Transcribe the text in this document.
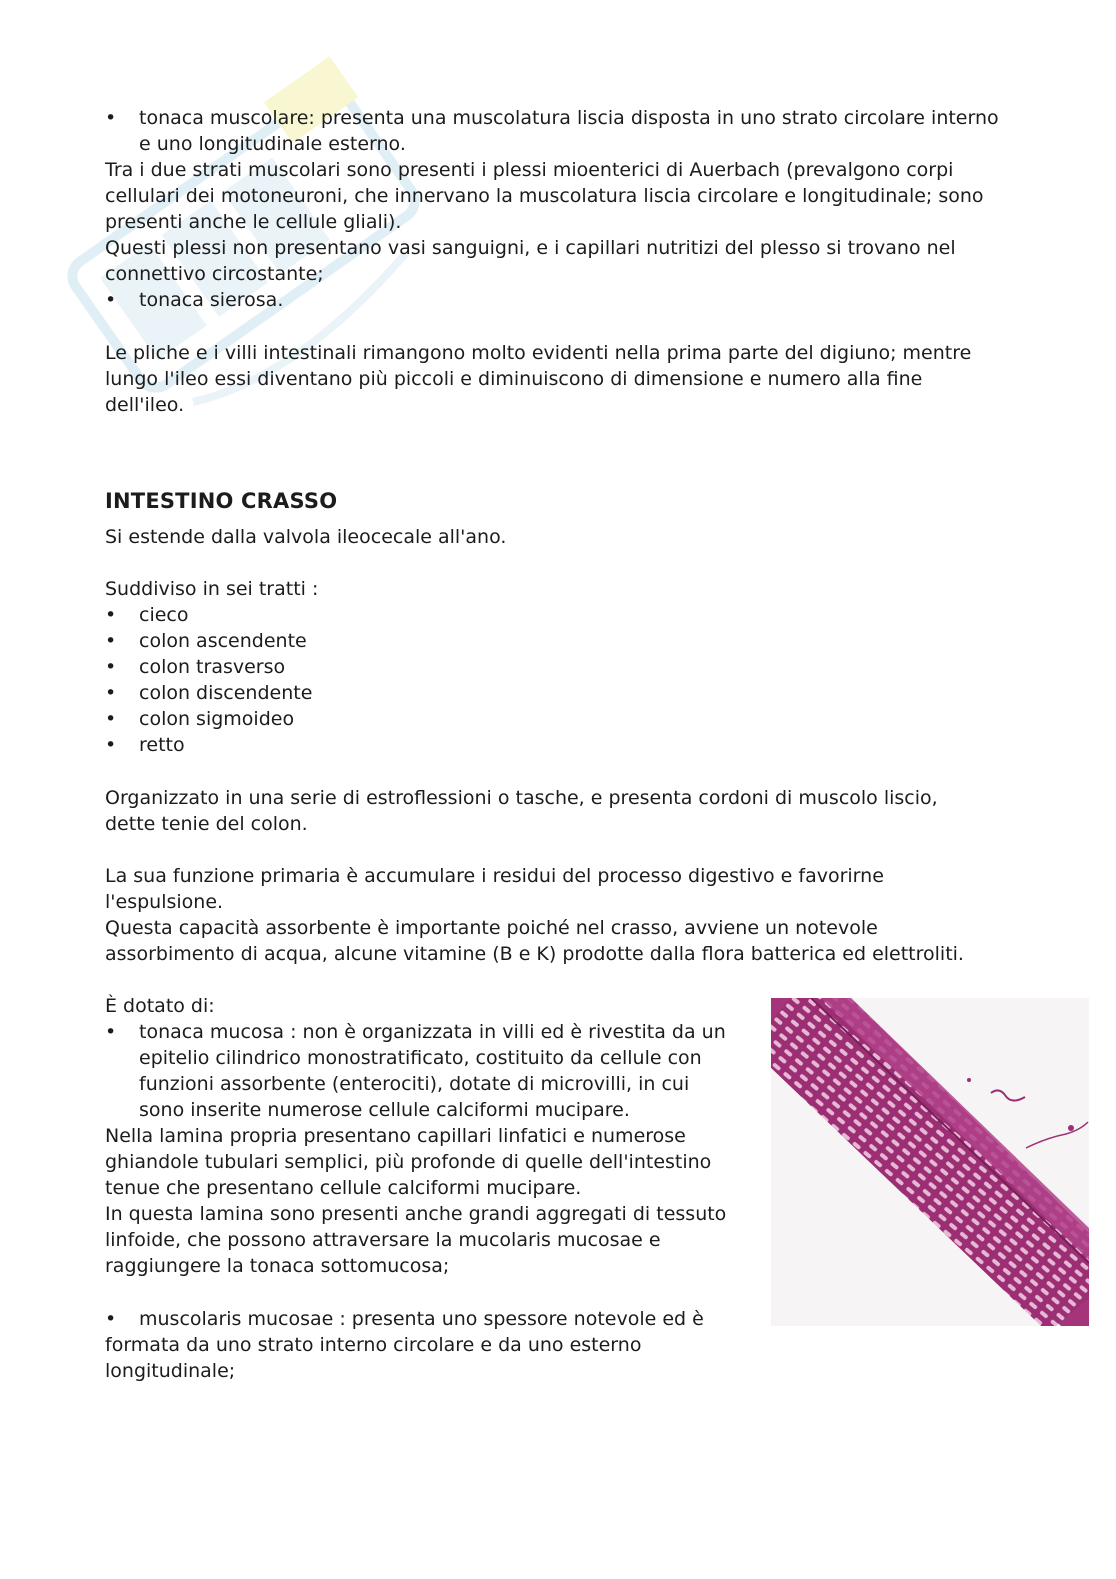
• tonaca muscolare: presenta una muscolatura liscia disposta in uno strato circolare interno
e uno longitudinale esterno.

Tra i due strati muscolari sono presenti i plessi mioenterici di Auerbach (prevalgono corpi

cellulari dei motoneuroni, che innervano la muscolatura liscia circolare e longitudinale; sono

presenti anche le cellule gliali).

Questi plessi non presentano vasi sanguigni, e i capillari nutritizi del plesso si trovano nel

connettivo circostante;

• tonaca sierosa.

Le pliche e i villi intestinali rimangono molto evidenti nella prima parte del digiuno; mentre

lungo l'ileo essi diventano più piccoli e diminuiscono di dimensione e numero alla fine

dell'ileo.

INTESTINO CRASSO

Si estende dalla valvola ileocecale all'ano.

Suddiviso in sei tratti :

• cieco
• colon ascendente
• colon trasverso
• colon discendente
• colon sigmoideo
• retto

Organizzato in una serie di estroflessioni o tasche, e presenta cordoni di muscolo liscio,

dette tenie del colon.

La sua funzione primaria è accumulare i residui del processo digestivo e favorirne

l'espulsione.

Questa capacità assorbente è importante poiché nel crasso, avviene un notevole

assorbimento di acqua, alcune vitamine (B e K) prodotte dalla flora batterica ed elettroliti.

È dotato di:

• tonaca mucosa : non è organizzata in villi ed è rivestita da un
epitelio cilindrico monostratificato, costituito da cellule con
funzioni assorbente (enterociti), dotate di microvilli, in cui
sono inserite numerose cellule calciformi mucipare.

Nella lamina propria presentano capillari linfatici e numerose

ghiandole tubulari semplici, più profonde di quelle dell'intestino

tenue che presentano cellule calciformi mucipare.

In questa lamina sono presenti anche grandi aggregati di tessuto

linfoide, che possono attraversare la mucolaris mucosae e

raggiungere la tonaca sottomucosa;

• muscolaris mucosae : presenta uno spessore notevole ed è

formata da uno strato interno circolare e da uno esterno

longitudinale;
